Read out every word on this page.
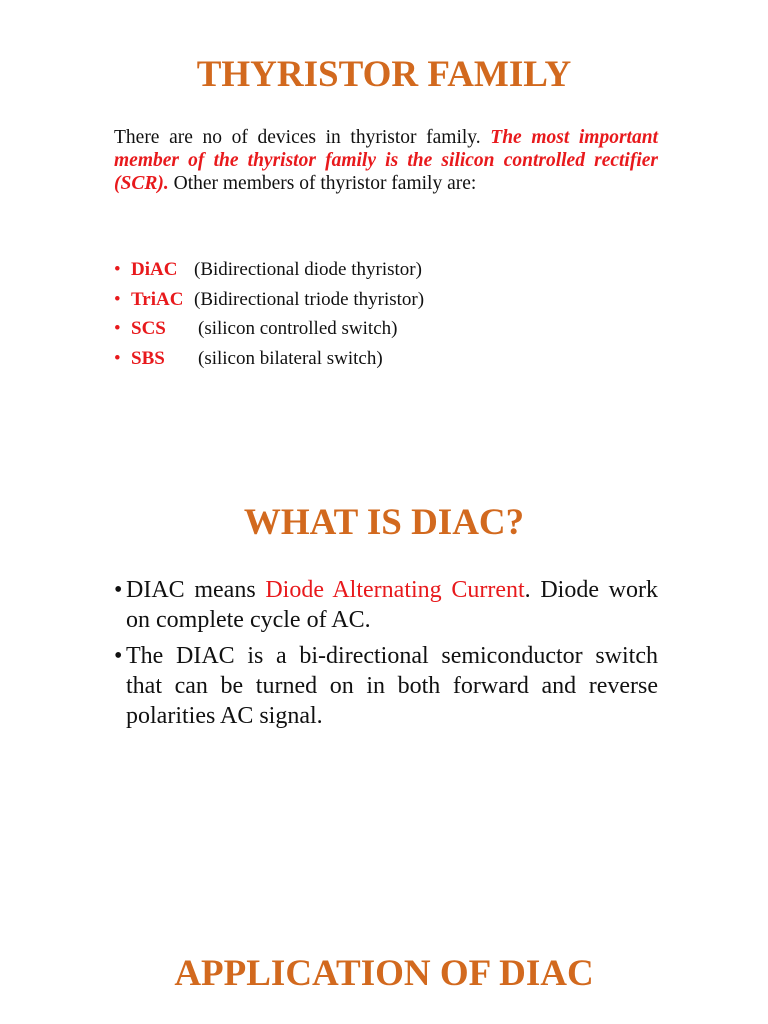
THYRISTOR FAMILY

There are no of devices in thyristor family. The most important member of the thyristor family is the silicon controlled rectifier (SCR). Other members of thyristor family are:

• DiAC (Bidirectional diode thyristor)
• TriAC (Bidirectional triode thyristor)
• SCS (silicon controlled switch)
• SBS (silicon bilateral switch)
WHAT IS DIAC?
• DIAC means Diode Alternating Current. Diode work on complete cycle of AC.
• The DIAC is a bi-directional semiconductor switch that can be turned on in both forward and reverse polarities AC signal.
APPLICATION OF DIAC
